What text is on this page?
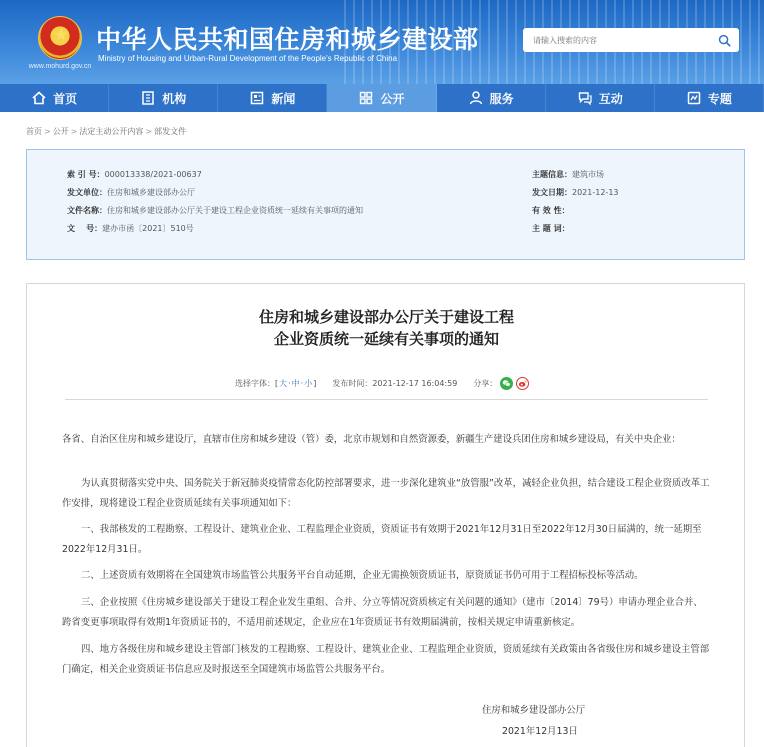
★
www.mohurd.gov.cn
中华人民共和国住房和城乡建设部
Ministry of Housing and Urban-Rural Development of the People's Republic of China
请输入搜索的内容
首页	机构	新闻	公开	服务	互动	专题
首页 > 公开 > 法定主动公开内容 > 部发文件
索 引 号：000013338/2021-00637	主题信息：建筑市场
发文单位：住房和城乡建设部办公厅	发文日期：2021-12-13
文件名称：住房和城乡建设部办公厅关于建设工程企业资质统一延续有关事项的通知	有 效 性：
文    号：建办市函〔2021〕510号	主 题 词：
住房和城乡建设部办公厅关于建设工程
企业资质统一延续有关事项的通知
选择字体： [ 大 · 中 · 小 ] 发布时间： 2021-12-17 16:04:59 分享：

各省、自治区住房和城乡建设厅，直辖市住房和城乡建设（管）委，北京市规划和自然资源委，新疆生产建设兵团住房和城乡建设局，有关中央企业：

为认真贯彻落实党中央、国务院关于新冠肺炎疫情常态化防控部署要求，进一步深化建筑业“放管服”改革，减轻企业负担，结合建设工程企业资质改革工作安排，现将建设工程企业资质延续有关事项通知如下：

一、我部核发的工程勘察、工程设计、建筑业企业、工程监理企业资质，资质证书有效期于2021年12月31日至2022年12月30日届满的，统一延期至2022年12月31日。

二、上述资质有效期将在全国建筑市场监管公共服务平台自动延期，企业无需换领资质证书，原资质证书仍可用于工程招标投标等活动。

三、企业按照《住房城乡建设部关于建设工程企业发生重组、合并、分立等情况资质核定有关问题的通知》（建市〔2014〕79号）申请办理企业合并、跨省变更事项取得有效期1年资质证书的，不适用前述规定，企业应在1年资质证书有效期届满前，按相关规定申请重新核定。

四、地方各级住房和城乡建设主管部门核发的工程勘察、工程设计、建筑业企业、工程监理企业资质，资质延续有关政策由各省级住房和城乡建设主管部门确定，相关企业资质证书信息应及时报送至全国建筑市场监管公共服务平台。

住房和城乡建设部办公厅
2021年12月13日
